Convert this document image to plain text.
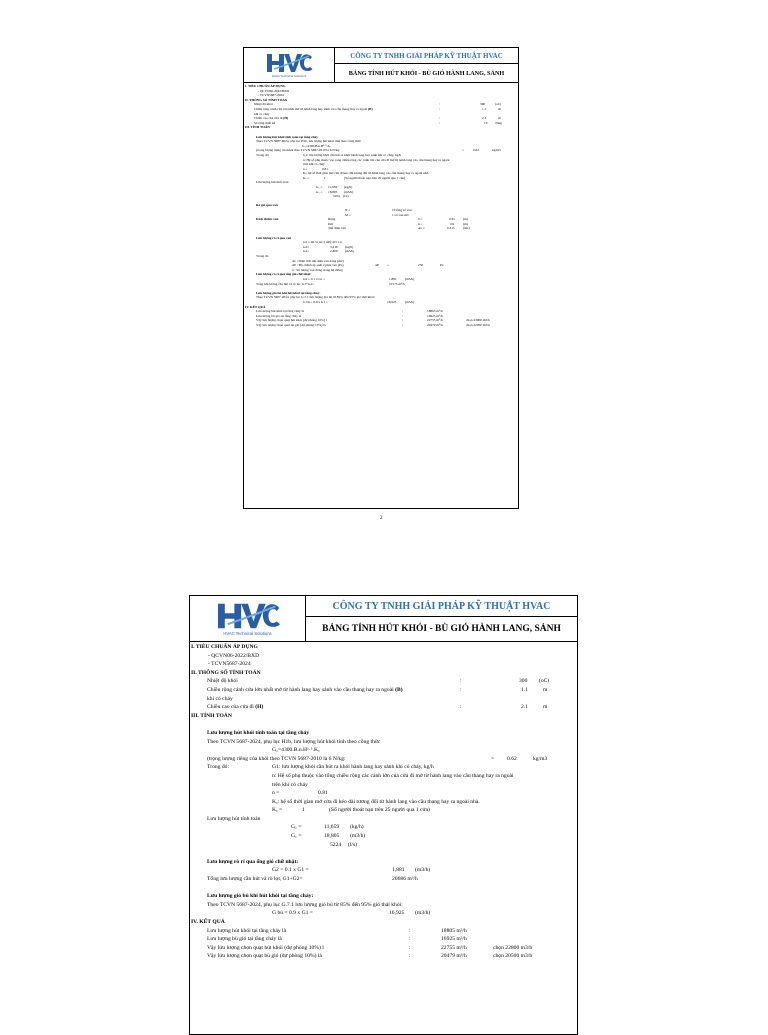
HVAC Technical Solutions
CÔNG TY TNHH GIẢI PHÁP KỸ THUẬT HVAC
BẢNG TÍNH HÚT KHÓI - BÙ GIÓ HÀNH LANG, SẢNH
I. TIÊU CHUẨN ÁP DỤNG
- QCVN06-2022/BXD
- TCVN5687-2024
II. THÔNG SỐ TÍNH TOÁN
Nhiệt độ khói	:	300	(oC)
Chiều rộng cánh cửa lớn nhất mở từ hành lang hay sảnh vào cầu thang hay ra ngoài (B)	:	1.1	m
khi có cháy
Chiều cao của cửa đi (H)	:	2.1	m
Số tầng thiết kế	:	10 Tầng
III. TÍNH TOÁN
Lưu lượng hút khói tính toán tại tầng cháy
Theo TCVN 5687-2024, phụ lục H1b, lưu lượng hút khói tính theo công thức
G₁=4300.B.n.H¹·⁵.Kₐ
(trọng lượng riêng của khói theo TCVN 5687-2010 là 6 N/kg:	=	0.62	kg/m3
Trong đó:	G1: lưu lượng khói cần hút ra khỏi hành lang hay sảnh khi có cháy, kg/h
n: Hệ số phụ thuộc vào tổng chiều rộng các cánh lớn của cửa đi mở từ hành lang vào cầu thang hay ra ngoài
trên khi có cháy
n =	0.81
Kₐ: hệ số thời gian mở cửa đi kéo dài tương đối từ hành lang vào cầu thang hay ra ngoài nhà.
Kₐ =	1	(Số người thoát nạn trên 25 người qua 1 cửa)
Lưu lượng hút tính toán
G₁ = 11,659 (kg/h)
G₁ = 18,805 (m3/h)
5224 (l/s)
Rò gió qua van
N =	10 tầng số van
M =	1 số van mở
Kích thước van	Rộng	b =	0.35 (m)
Dài	h =	0.9	(m)
Tiết diện van	Av =	0.315 (m2)
Lưu lượng rò rỉ qua van
G2 = 40.3 (Av x ΔP)^0.5 x n
G2=	3,219 (kg/h)
G2=	2,409 (m3/h)
Trong đó
Av : Diện tích tiết diện van đóng (m2)
ΔP : Độ chênh áp suất 2 phía van (Pa)	ΔP =	250	Pa
n : Số lượng van đóng trong hệ thống
Lưu lượng rò rỉ qua ống gió chữ nhật:
G2 = 0.1 x G1 =	1,881 (m3/h)
Tổng lưu lượng cần hút và rò lọt, G1+G2=	21575 m³/h
Lưu lượng gió bù khi hút khói tại tầng cháy:
Theo TCVN 5687-2024, phụ lục G.7.1 lưu lượng gió bù từ 85% đến 95% gió thải khói:
G bù = 0.9 x G1 =	16,925	(m3/h)
IV. KẾT QUẢ
Lưu lượng hút khói tại tầng cháy là	:	18805 m³/h
Lưu lượng bù gió tại tầng cháy là	:	16925 m³/h
Vậy lưu lượng chọn quạt hút khói (dự phòng 10%) l	:	22755 m³/h	chọn 23000 m3/h
Vậy lưu lượng chọn quạt bù gió (dự phòng 10%) là	:	20479 m³/h	chọn 22950 m3/h
2
HVAC Technical Solutions
CÔNG TY TNHH GIẢI PHÁP KỸ THUẬT HVAC
BẢNG TÍNH HÚT KHÓI - BÙ GIÓ HÀNH LANG, SẢNH
I. TIÊU CHUẨN ÁP DỤNG
- QCVN06-2022/BXD
- TCVN5687-2024
II. THÔNG SỐ TÍNH TOÁN
Nhiệt độ khói	:	300 (oC)
Chiều rộng cánh cửa lớn nhất mở từ hành lang hay sảnh vào cầu thang hay ra ngoài (B)	:	1.1	m
khi có cháy
Chiều cao của cửa đi (H)	:	2.1	m
III. TÍNH TOÁN
Lưu lượng hút khói tính toán tại tầng cháy
Theo TCVN 5687-2024, phụ lục H1b, lưu lượng hút khói tính theo công thức
G₁=4300.B.n.H¹·⁵.Kₐ
(trọng lượng riêng của khói theo TCVN 5687-2010 là 6 N/kg:	= 0.62	kg/m3
Trong đó:	G1: lưu lượng khói cần hút ra khỏi hành lang hay sảnh khi có cháy, kg/h
n: Hệ số phụ thuộc vào tổng chiều rộng các cánh lớn của cửa đi mở từ hành lang vào cầu thang hay ra ngoài
trên khi có cháy
n =	0.81
Kₐ: hệ số thời gian mở cửa đi kéo dài tương đối từ hành lang vào cầu thang hay ra ngoài nhà.
Kₐ =	1	(Số người thoát nạn trên 25 người qua 1 cửa)
Lưu lượng hút tính toán
G₁ =	11,659 (kg/h)
G₁ =	18,805 (m3/h)
5224 (l/s)
Lưu lượng rò rỉ qua ống gió chữ nhật:
G2 = 0.1 x G1 =	1,881 (m3/h)
Tổng lưu lượng cần hút và rò lọt, G1+G2=	20686 m³/h
Lưu lượng gió bù khi hút khói tại tầng cháy:
Theo TCVN 5687-2024, phụ lục G.7.1 lưu lượng gió bù từ 85% đến 95% gió thải khói:
G bù = 0.9 x G1 =	16,925 (m3/h)
IV. KẾT QUẢ
Lưu lượng hút khói tại tầng cháy là	:	18805 m³/h
Lưu lượng bù gió tại tầng cháy là	:	16925 m³/h
Vậy lưu lượng chọn quạt hút khói (dự phòng 10%) l	:	22755 m³/h	chọn 22800 m3/h
Vậy lưu lượng chọn quạt bù gió (dự phòng 10%) là	:	20479 m³/h	chọn 20500 m3/h
